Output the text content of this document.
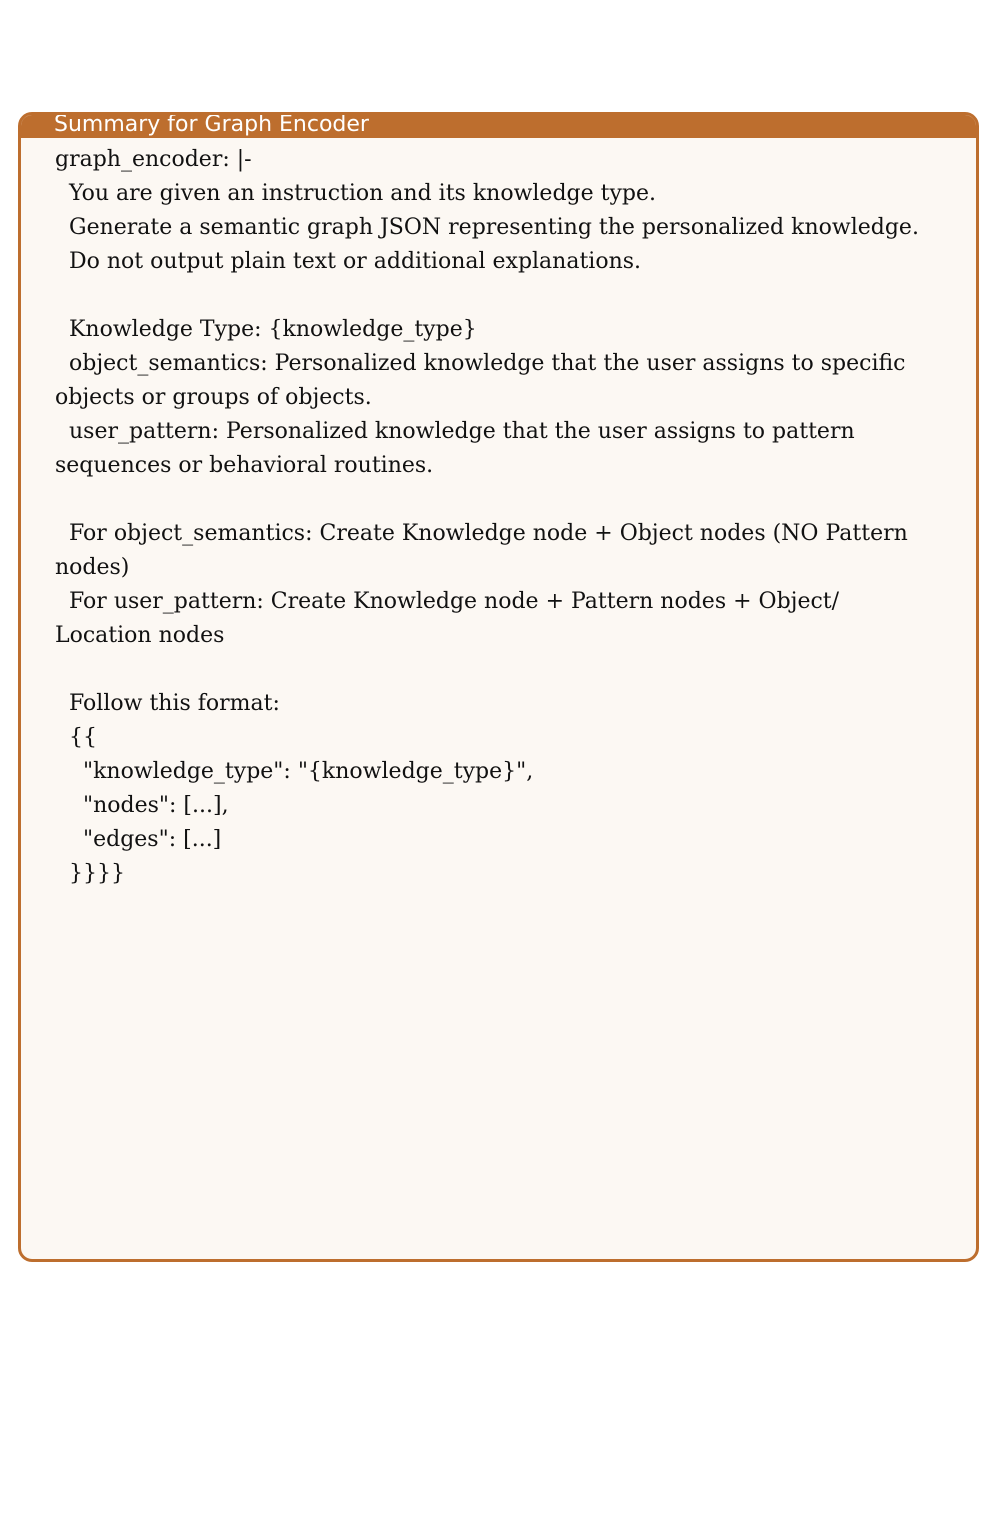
Summary for Graph Encoder

graph_encoder: |-
You are given an instruction and its knowledge type.
Generate a semantic graph JSON representing the personalized knowledge.
Do not output plain text or additional explanations.

Knowledge Type: {knowledge_type}
object_semantics: Personalized knowledge that the user assigns to specific objects or groups of objects.
user_pattern: Personalized knowledge that the user assigns to pattern sequences or behavioral routines.

For object_semantics: Create Knowledge node + Object nodes (NO Pattern nodes)
For user_pattern: Create Knowledge node + Pattern nodes + Object/ Location nodes

Follow this format:
{{
"knowledge_type": "{knowledge_type}",
"nodes": [...],
"edges": [...]
}}}}
